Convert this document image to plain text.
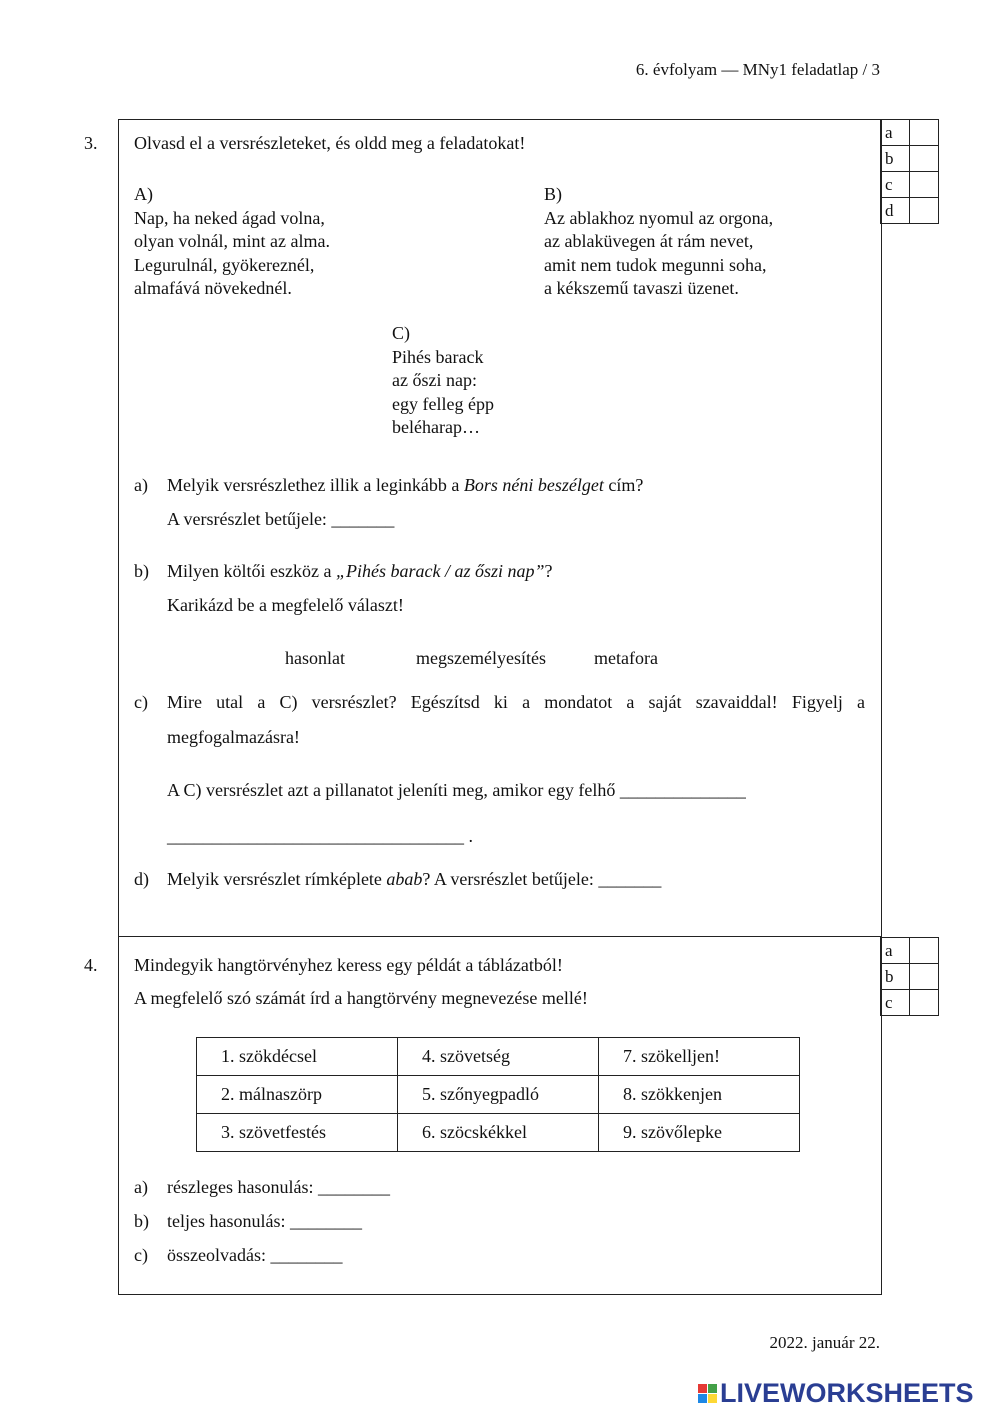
6. évfolyam — MNy1 feladatlap / 3
3.
a	
b	
c	
d	
Olvasd el a versrészleteket, és oldd meg a feladatokat!
A)
Nap, ha neked ágad volna,
olyan volnál, mint az alma.
Legurulnál, gyökereznél,
almafává növekednél.
B)
Az ablakhoz nyomul az orgona,
az ablaküvegen át rám nevet,
amit nem tudok megunni soha,
a kékszemű tavaszi üzenet.
C)
Pihés barack
az őszi nap:
egy felleg épp
beléharap…
a) Melyik versrészlethez illik a leginkább a Bors néni beszélget cím?
A versrészlet betűjele: _______
b) Milyen költői eszköz a „Pihés barack / az őszi nap”?
Karikázd be a megfelelő választ!
hasonlat	megszemélyesítés	metafora
c) Mire utal a C) versrészlet? Egészítsd ki a mondatot a saját szavaiddal! Figyelj a
megfogalmazásra!
A C) versrészlet azt a pillanatot jeleníti meg, amikor egy felhő ______________
_________________________________ .
d) Melyik versrészlet rímképlete abab? A versrészlet betűjele: _______
4.
a	
b	
c	
Mindegyik hangtörvényhez keress egy példát a táblázatból!
A megfelelő szó számát írd a hangtörvény megnevezése mellé!
1. szökdécsel	4. szövetség	7. szökelljen!
2. málnaszörp	5. szőnyegpadló	8. szökkenjen
3. szövetfestés	6. szöcskékkel	9. szövőlepke
a) részleges hasonulás: ________
b) teljes hasonulás: ________
c) összeolvadás: ________
2022. január 22.
LIVEWORKSHEETS
